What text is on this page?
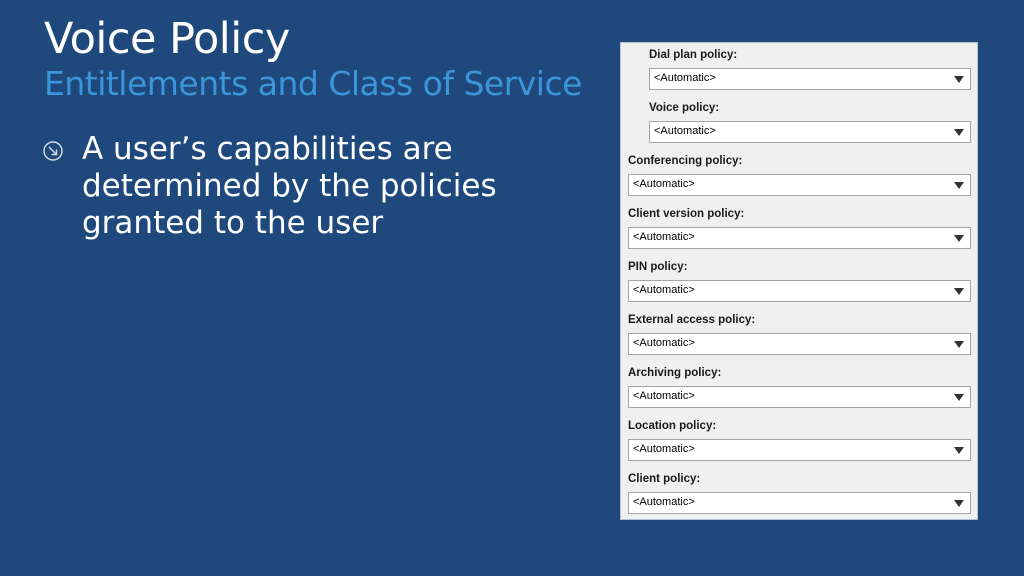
Voice Policy
Entitlements and Class of Service
A user’s capabilities are determined by the policies granted to the user
Dial plan policy:
<Automatic>
Voice policy:
<Automatic>
Conferencing policy:
<Automatic>
Client version policy:
<Automatic>
PIN policy:
<Automatic>
External access policy:
<Automatic>
Archiving policy:
<Automatic>
Location policy:
<Automatic>
Client policy:
<Automatic>
